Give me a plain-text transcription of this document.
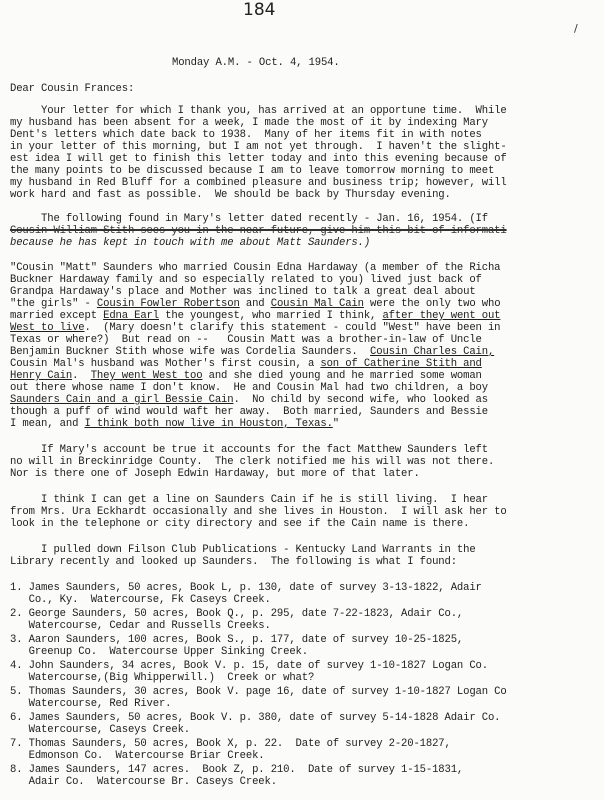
184
/
Monday A.M. - Oct. 4, 1954.
Dear Cousin Frances:
Your letter for which I thank you, has arrived at an opportune time.  While
my husband has been absent for a week, I made the most of it by indexing Mary
Dent's letters which date back to 1938.  Many of her items fit in with notes
in your letter of this morning, but I am not yet through.  I haven't the slight-
est idea I will get to finish this letter today and into this evening because of
the many points to be discussed because I am to leave tomorrow morning to meet
my husband in Red Bluff for a combined pleasure and business trip; however, will
work hard and fast as possible.  We should be back by Thursday evening.
The following found in Mary's letter dated recently - Jan. 16, 1954. (If
Cousin William Stith sees you in the near future, give him this bit of informati
because he has kept in touch with me about Matt Saunders.)
"Cousin "Matt" Saunders who married Cousin Edna Hardaway (a member of the Richa
Buckner Hardaway family and so especially related to you) lived just back of
Grandpa Hardaway's place and Mother was inclined to talk a great deal about
"the girls" - Cousin Fowler Robertson and Cousin Mal Cain were the only two who
married except Edna Earl the youngest, who married I think, after they went out
West to live.  (Mary doesn't clarify this statement - could "West" have been in
Texas or where?)  But read on --   Cousin Matt was a brother-in-law of Uncle
Benjamin Buckner Stith whose wife was Cordelia Saunders.  Cousin Charles Cain,
Cousin Mal's husband was Mother's first cousin, a son of Catherine Stith and
Henry Cain.  They went West too and she died young and he married some woman
out there whose name I don't know.  He and Cousin Mal had two children, a boy
Saunders Cain and a girl Bessie Cain.  No child by second wife, who looked as
though a puff of wind would waft her away.  Both married, Saunders and Bessie
I mean, and I think both now live in Houston, Texas."
If Mary's account be true it accounts for the fact Matthew Saunders left
no will in Breckinridge County.  The clerk notified me his will was not there.
Nor is there one of Joseph Edwin Hardaway, but more of that later.
I think I can get a line on Saunders Cain if he is still living.  I hear
from Mrs. Ura Eckhardt occasionally and she lives in Houston.  I will ask her to
look in the telephone or city directory and see if the Cain name is there.
I pulled down Filson Club Publications - Kentucky Land Warrants in the
Library recently and looked up Saunders.  The following is what I found:
1. James Saunders, 50 acres, Book L, p. 130, date of survey 3-13-1822, Adair
Co., Ky.  Watercourse, Fk Caseys Creek.
2. George Saunders, 50 acres, Book Q., p. 295, date 7-22-1823, Adair Co.,
Watercourse, Cedar and Russells Creeks.
3. Aaron Saunders, 100 acres, Book S., p. 177, date of survey 10-25-1825,
Greenup Co.  Watercourse Upper Sinking Creek.
4. John Saunders, 34 acres, Book V. p. 15, date of survey 1-10-1827 Logan Co.
Watercourse,(Big Whipperwill.)  Creek or what?
5. Thomas Saunders, 30 acres, Book V. page 16, date of survey 1-10-1827 Logan Co
Watercourse, Red River.
6. James Saunders, 50 acres, Book V. p. 380, date of survey 5-14-1828 Adair Co.
Watercourse, Caseys Creek.
7. Thomas Saunders, 50 acres, Book X, p. 22.  Date of survey 2-20-1827,
Edmonson Co.  Watercourse Briar Creek.
8. James Saunders, 147 acres.  Book Z, p. 210.  Date of survey 1-15-1831,
Adair Co.  Watercourse Br. Caseys Creek.
